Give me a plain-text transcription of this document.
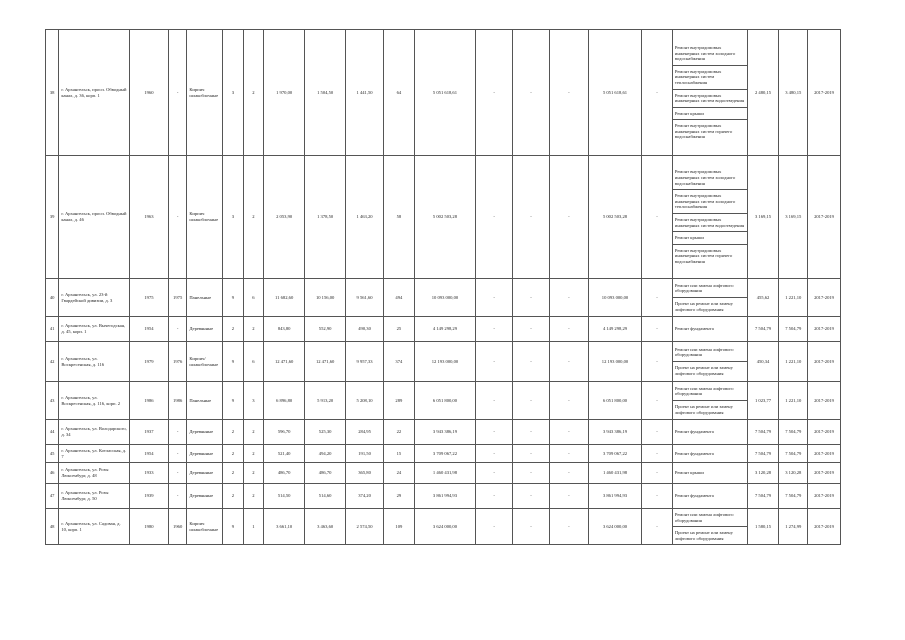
38	г. Архангельск, просп. Обводный канал, д. 36, корп. 1	1960	-	Кирпич шлакоблочные	3	2	1 970,00	1 504,50	1 441,50	64	5 051 618,61	-	-	-	5 051 618,61	-	Ремонт внутридомовых инженерных систем холодного водоснабжения
Ремонт внутридомовых инженерных систем теплоснабжения
Ремонт внутридомовых инженерных систем водоотведения
Ремонт крыши
Ремонт внутридомовых инженерных систем горячего водоснабжения	2 480,15	3 480,15	2017-2019
39	г. Архангельск, просп. Обводный канал, д. 46	1963	-	Кирпич шлакоблочные	3	2	2 053,90	1 378,50	1 463,20	58	5 002 503,28	-	-	-	5 002 503,28	-	Ремонт внутридомовых инженерных систем холодного водоснабжения
Ремонт внутридомовых инженерных систем холодного теплоснабжения
Ремонт внутридомовых инженерных систем водоотведения
Ремонт крыши
Ремонт внутридомовых инженерных систем горячего водоснабжения	3 169,15	3 169,15	2017-2019
40	г. Архангельск, ул. 23-й Гвардейской дивизии, д. 3	1975	1975	Панельные	9	6	11 682,60	10 156,00	9 561,60	494	10 093 000,00	-	-	-	10 093 000,00	-	Ремонт или замена лифтового оборудования
Проект на ремонт или замену лифтового оборудования	455,62	1 221,10	2017-2019
41	г. Архангельск, ул. Вычегодская, д. 45, корп. 1	1954	-	Деревянные	2	2	843,80	552,90	490,30	25	4 149 298,29	-	-	-	4 149 298,29	-	Ремонт фундамента	7 504,79	7 504,79	2017-2019
42	г. Архангельск, ул. Воскресенская, д. 116	1979	1976	Кирпич/ шлакоблочные	9	6	12 471,60	12 471,60	9 957,33	374	12 193 000,00	-	-	-	12 193 000,00	-	Ремонт или замена лифтового оборудования
Проект на ремонт или замену лифтового оборудования	450,34	1 221,10	2017-2019
43	г. Архангельск, ул. Воскресенская, д. 116, корп. 2	1986	1986	Панельные	9	3	6 896,80	5 913,20	5 208,10	289	6 051 800,00	-	-	-	6 051 800,00	-	Ремонт или замена лифтового оборудования
Проект на ремонт или замену лифтового оборудования	1 023,77	1 221,10	2017-2019
44	г. Архангельск, ул. Володарского, д. 34	1937	-	Деревянные	2	2	596,70	525,30	284,95	22	3 943 386,19	-	-	-	3 943 386,19	-	Ремонт фундамента	7 504,79	7 504,79	2017-2019
45	г. Архангельск, ул. Котласская, д. 7	1954	-	Деревянные	2	2	521,40	494,20	191,50	15	3 709 067,22	-	-	-	3 709 067,22	-	Ремонт фундамента	7 504,79	7 504,79	2017-2019
46	г. Архангельск, ул. Розы Люксембург, д. 48	1933	-	Деревянные	2	2	486,70	486,70	365,80	24	1 460 431,98	-	-	-	1 460 431,98	-	Ремонт крыши	3 120,28	3 120,28	2017-2019
47	г. Архангельск, ул. Розы Люксембург, д. 50	1939	-	Деревянные	2	2	514,50	514,60	374,20	29	3 861 994,93	-	-	-	3 861 994,93	-	Ремонт фундамента	7 504,79	7 504,79	2017-2019
48	г. Архангельск, ул. Садовая, д. 10, корп. 1	1980	1960	Кирпич шлакоблочные	9	1	3 661,10	3 463,60	2 574,50	109	3 624 000,00	-	-	-	3 624 000,00	-	Ремонт или замена лифтового оборудования
Проект на ремонт или замену лифтового оборудования	1 580,15	1 274,99	2017-2019
